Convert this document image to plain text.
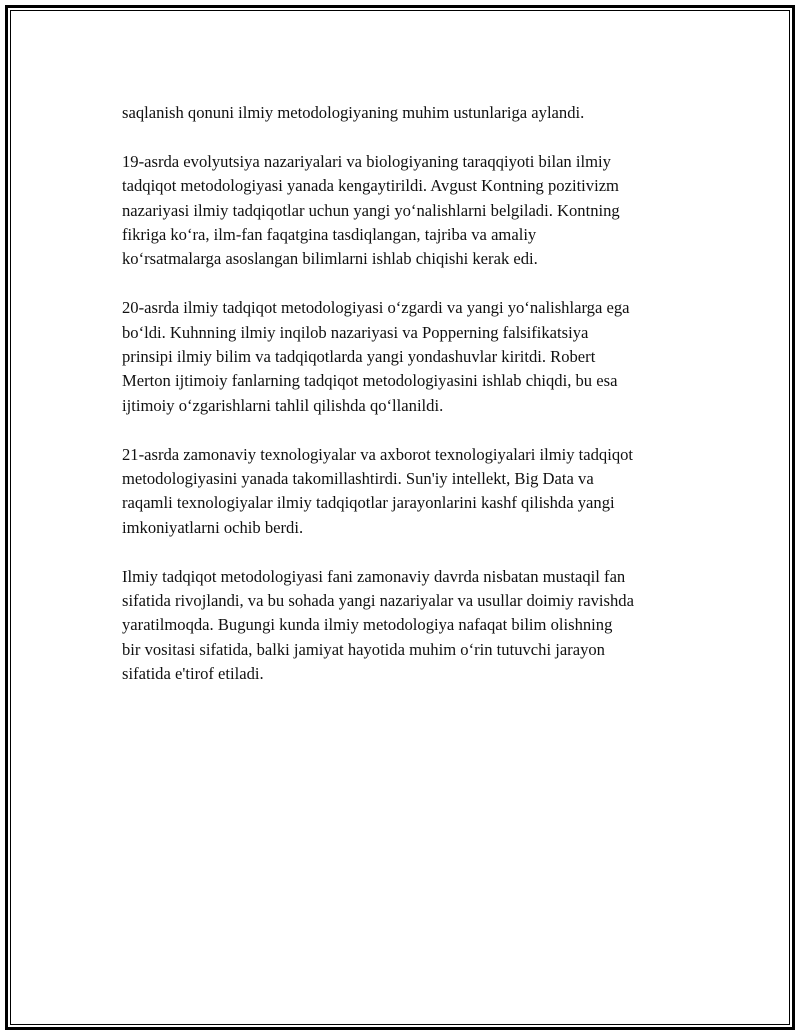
saqlanish qonuni ilmiy metodologiyaning muhim ustunlariga aylandi.

19-asrda evolyutsiya nazariyalari va biologiyaning taraqqiyoti bilan ilmiy
tadqiqot metodologiyasi yanada kengaytirildi. Avgust Kontning pozitivizm
nazariyasi ilmiy tadqiqotlar uchun yangi yo‘nalishlarni belgiladi. Kontning
fikriga ko‘ra, ilm-fan faqatgina tasdiqlangan, tajriba va amaliy
ko‘rsatmalarga asoslangan bilimlarni ishlab chiqishi kerak edi.

20-asrda ilmiy tadqiqot metodologiyasi o‘zgardi va yangi yo‘nalishlarga ega
bo‘ldi. Kuhnning ilmiy inqilob nazariyasi va Popperning falsifikatsiya
prinsipi ilmiy bilim va tadqiqotlarda yangi yondashuvlar kiritdi. Robert
Merton ijtimoiy fanlarning tadqiqot metodologiyasini ishlab chiqdi, bu esa
ijtimoiy o‘zgarishlarni tahlil qilishda qo‘llanildi.

21-asrda zamonaviy texnologiyalar va axborot texnologiyalari ilmiy tadqiqot
metodologiyasini yanada takomillashtirdi. Sun'iy intellekt, Big Data va
raqamli texnologiyalar ilmiy tadqiqotlar jarayonlarini kashf qilishda yangi
imkoniyatlarni ochib berdi.

Ilmiy tadqiqot metodologiyasi fani zamonaviy davrda nisbatan mustaqil fan
sifatida rivojlandi, va bu sohada yangi nazariyalar va usullar doimiy ravishda
yaratilmoqda. Bugungi kunda ilmiy metodologiya nafaqat bilim olishning
bir vositasi sifatida, balki jamiyat hayotida muhim o‘rin tutuvchi jarayon
sifatida e'tirof etiladi.
